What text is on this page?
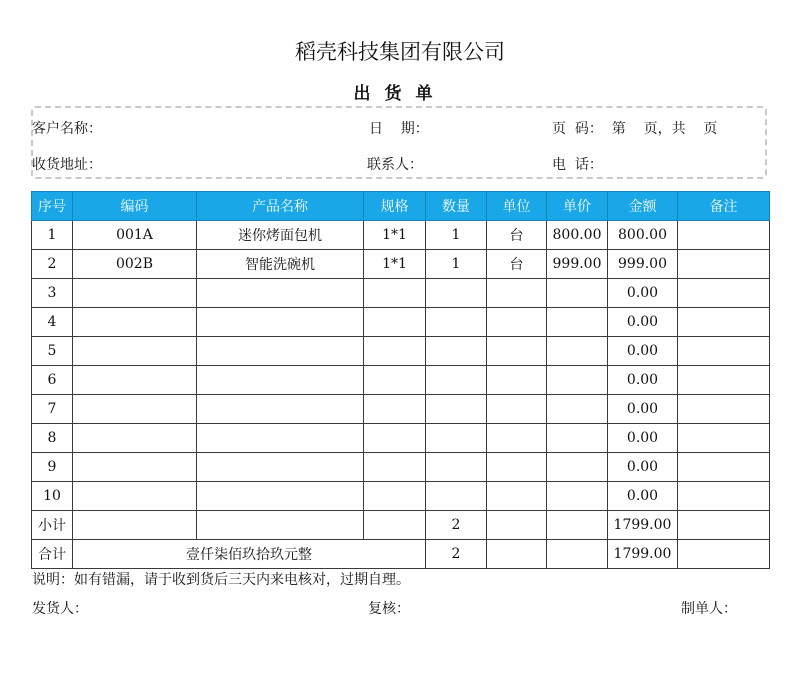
稻壳科技集团有限公司
出货单
客户名称：	日    期：	页  码：  第    页，共    页
收货地址：	联系人：	电  话：
序号	编码	产品名称	规格	数量	单位	单价	金额	备注
1	001A	迷你烤面包机	1*1	1	台	800.00	800.00	
2	002B	智能洗碗机	1*1	1	台	999.00	999.00	
3							0.00	
4							0.00	
5							0.00	
6							0.00	
7							0.00	
8							0.00	
9							0.00	
10							0.00	
小计				2			1799.00	
合计	壹仟柒佰玖拾玖元整			2			1799.00	
说明：如有错漏，请于收到货后三天内来电核对，过期自理。
发货人：	复核：	制单人：
